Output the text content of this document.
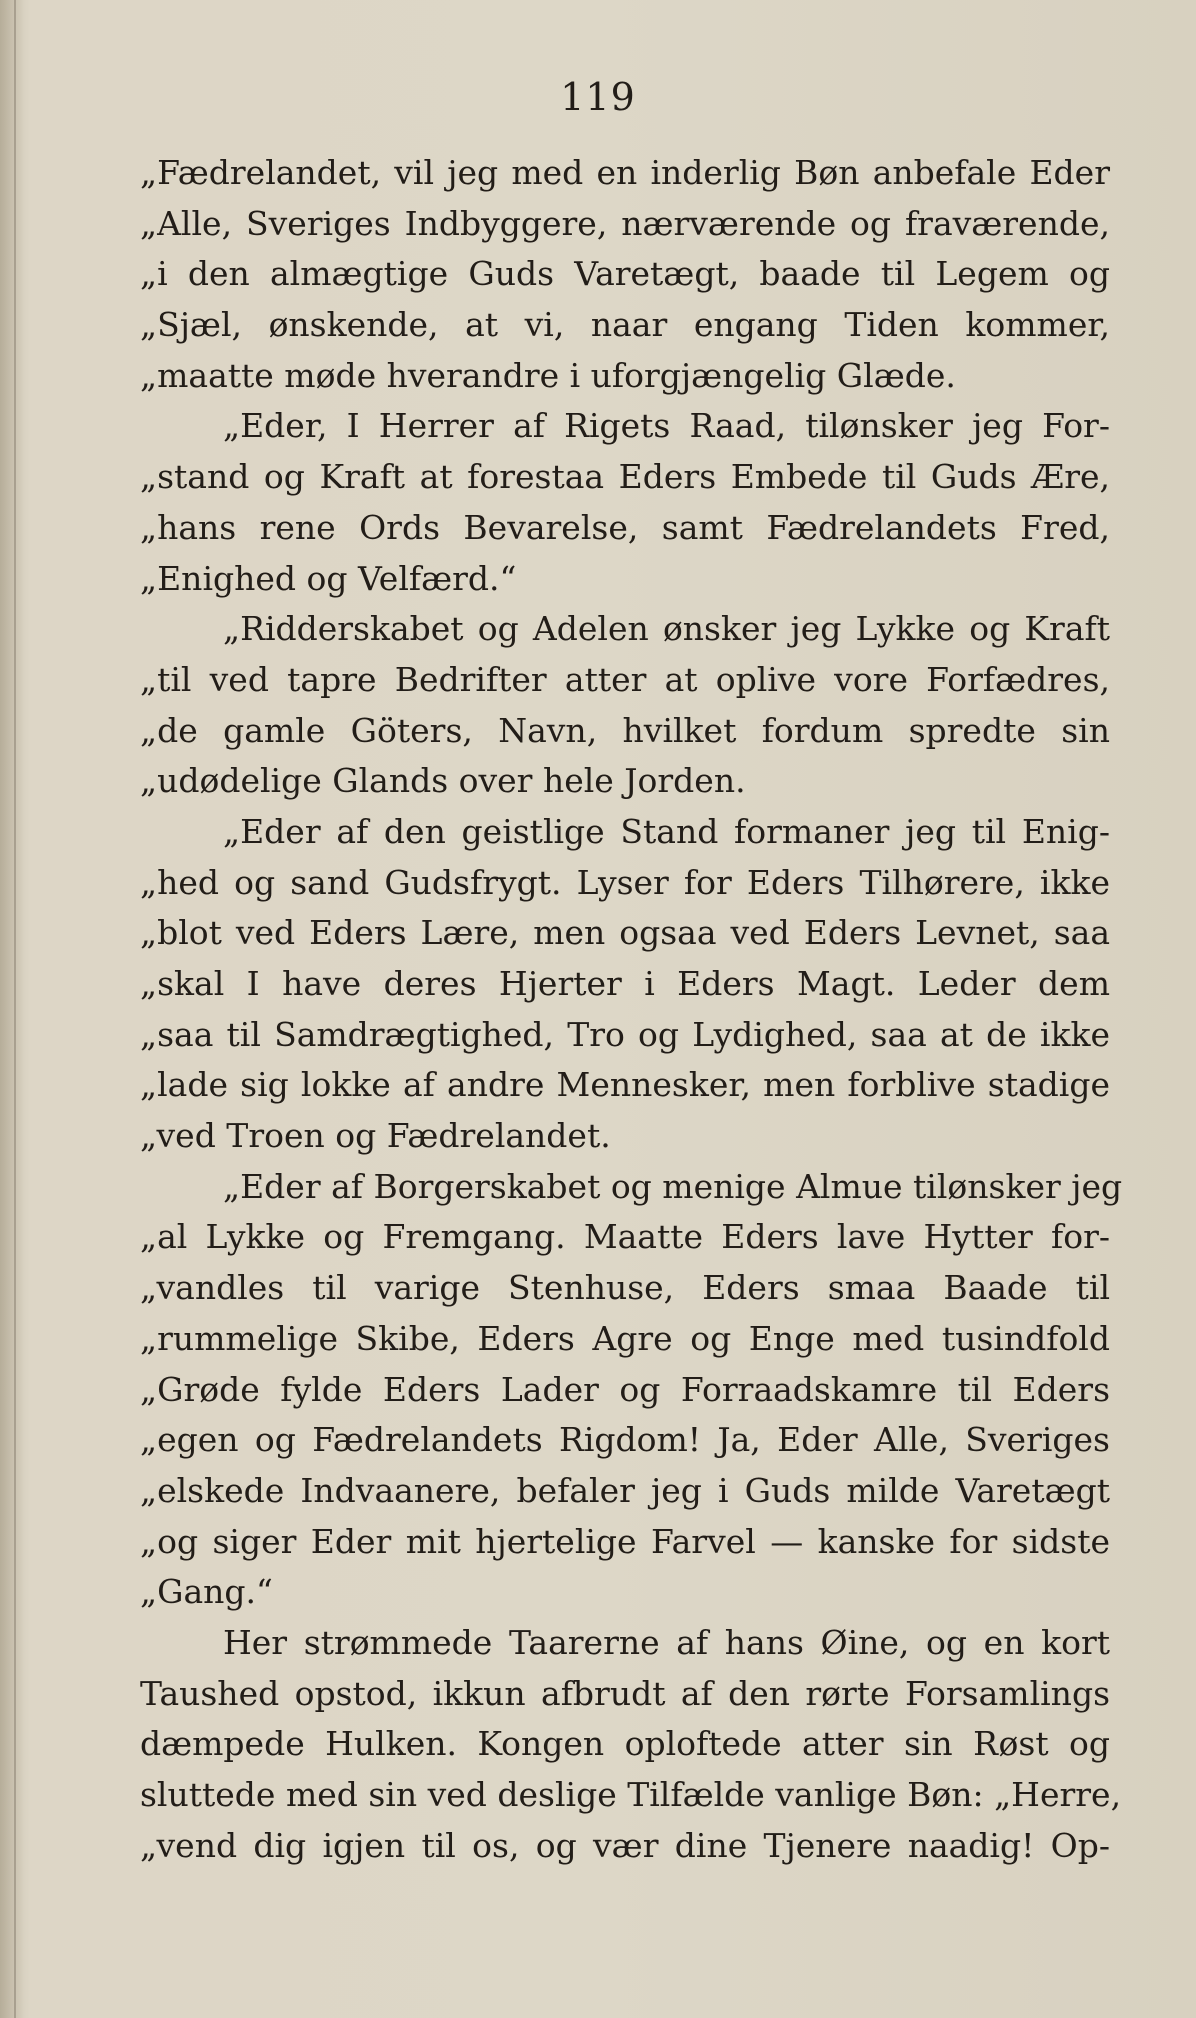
119
„Fædrelandet, vil jeg med en inderlig Bøn anbefale Eder
„Alle, Sveriges Indbyggere, nærværende og fraværende,
„i den almægtige Guds Varetægt, baade til Legem og
„Sjæl, ønskende, at vi, naar engang Tiden kommer,
„maatte møde hverandre i uforgjængelig Glæde.
„Eder, I Herrer af Rigets Raad, tilønsker jeg For-
„stand og Kraft at forestaa Eders Embede til Guds Ære,
„hans rene Ords Bevarelse, samt Fædrelandets Fred,
„Enighed og Velfærd.“
„Ridderskabet og Adelen ønsker jeg Lykke og Kraft
„til ved tapre Bedrifter atter at oplive vore Forfædres,
„de gamle Göters, Navn, hvilket fordum spredte sin
„udødelige Glands over hele Jorden.
„Eder af den geistlige Stand formaner jeg til Enig-
„hed og sand Gudsfrygt. Lyser for Eders Tilhørere, ikke
„blot ved Eders Lære, men ogsaa ved Eders Levnet, saa
„skal I have deres Hjerter i Eders Magt. Leder dem
„saa til Samdrægtighed, Tro og Lydighed, saa at de ikke
„lade sig lokke af andre Mennesker, men forblive stadige
„ved Troen og Fædrelandet.
„Eder af Borgerskabet og menige Almue tilønsker jeg
„al Lykke og Fremgang. Maatte Eders lave Hytter for-
„vandles til varige Stenhuse, Eders smaa Baade til
„rummelige Skibe, Eders Agre og Enge med tusindfold
„Grøde fylde Eders Lader og Forraadskamre til Eders
„egen og Fædrelandets Rigdom! Ja, Eder Alle, Sveriges
„elskede Indvaanere, befaler jeg i Guds milde Varetægt
„og siger Eder mit hjertelige Farvel — kanske for sidste
„Gang.“
Her strømmede Taarerne af hans Øine, og en kort
Taushed opstod, ikkun afbrudt af den rørte Forsamlings
dæmpede Hulken. Kongen oploftede atter sin Røst og
sluttede med sin ved deslige Tilfælde vanlige Bøn: „Herre,
„vend dig igjen til os, og vær dine Tjenere naadig! Op-
